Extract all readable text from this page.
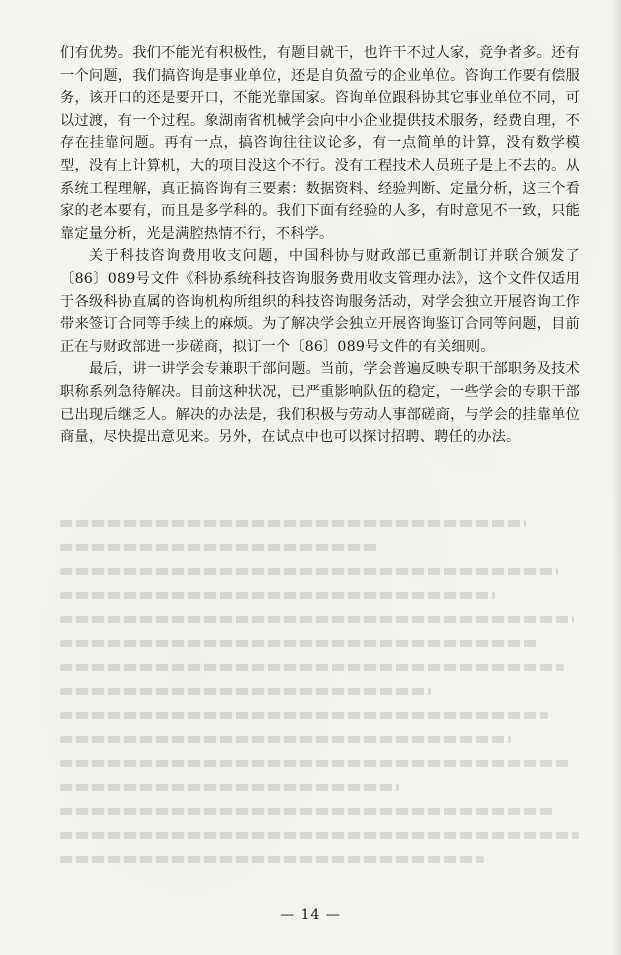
们有优势。我们不能光有积极性，有题目就干，也许干不过人家，竞争者多。还有一个问题，我们搞咨询是事业单位，还是自负盈亏的企业单位。咨询工作要有偿服务，该开口的还是要开口，不能光靠国家。咨询单位跟科协其它事业单位不同，可以过渡，有一个过程。象湖南省机械学会向中小企业提供技术服务，经费自理，不存在挂靠问题。再有一点，搞咨询往往议论多，有一点简单的计算，没有数学模型，没有上计算机，大的项目没这个不行。没有工程技术人员班子是上不去的。从系统工程理解，真正搞咨询有三要素：数据资料、经验判断、定量分析，这三个看家的老本要有，而且是多学科的。我们下面有经验的人多，有时意见不一致，只能靠定量分析，光是满腔热情不行，不科学。

关于科技咨询费用收支问题，中国科协与财政部已重新制订并联合颁发了〔86〕089号文件《科协系统科技咨询服务费用收支管理办法》，这个文件仅适用于各级科协直属的咨询机构所组织的科技咨询服务活动，对学会独立开展咨询工作带来签订合同等手续上的麻烦。为了解决学会独立开展咨询鉴订合同等问题，目前正在与财政部进一步磋商，拟订一个〔86〕089号文件的有关细则。

最后，讲一讲学会专兼职干部问题。当前，学会普遍反映专职干部职务及技术职称系列急待解决。目前这种状况，已严重影响队伍的稳定，一些学会的专职干部已出现后继乏人。解决的办法是，我们积极与劳动人事部磋商，与学会的挂靠单位商量，尽快提出意见来。另外，在试点中也可以探讨招聘、聘任的办法。

— 14 —
